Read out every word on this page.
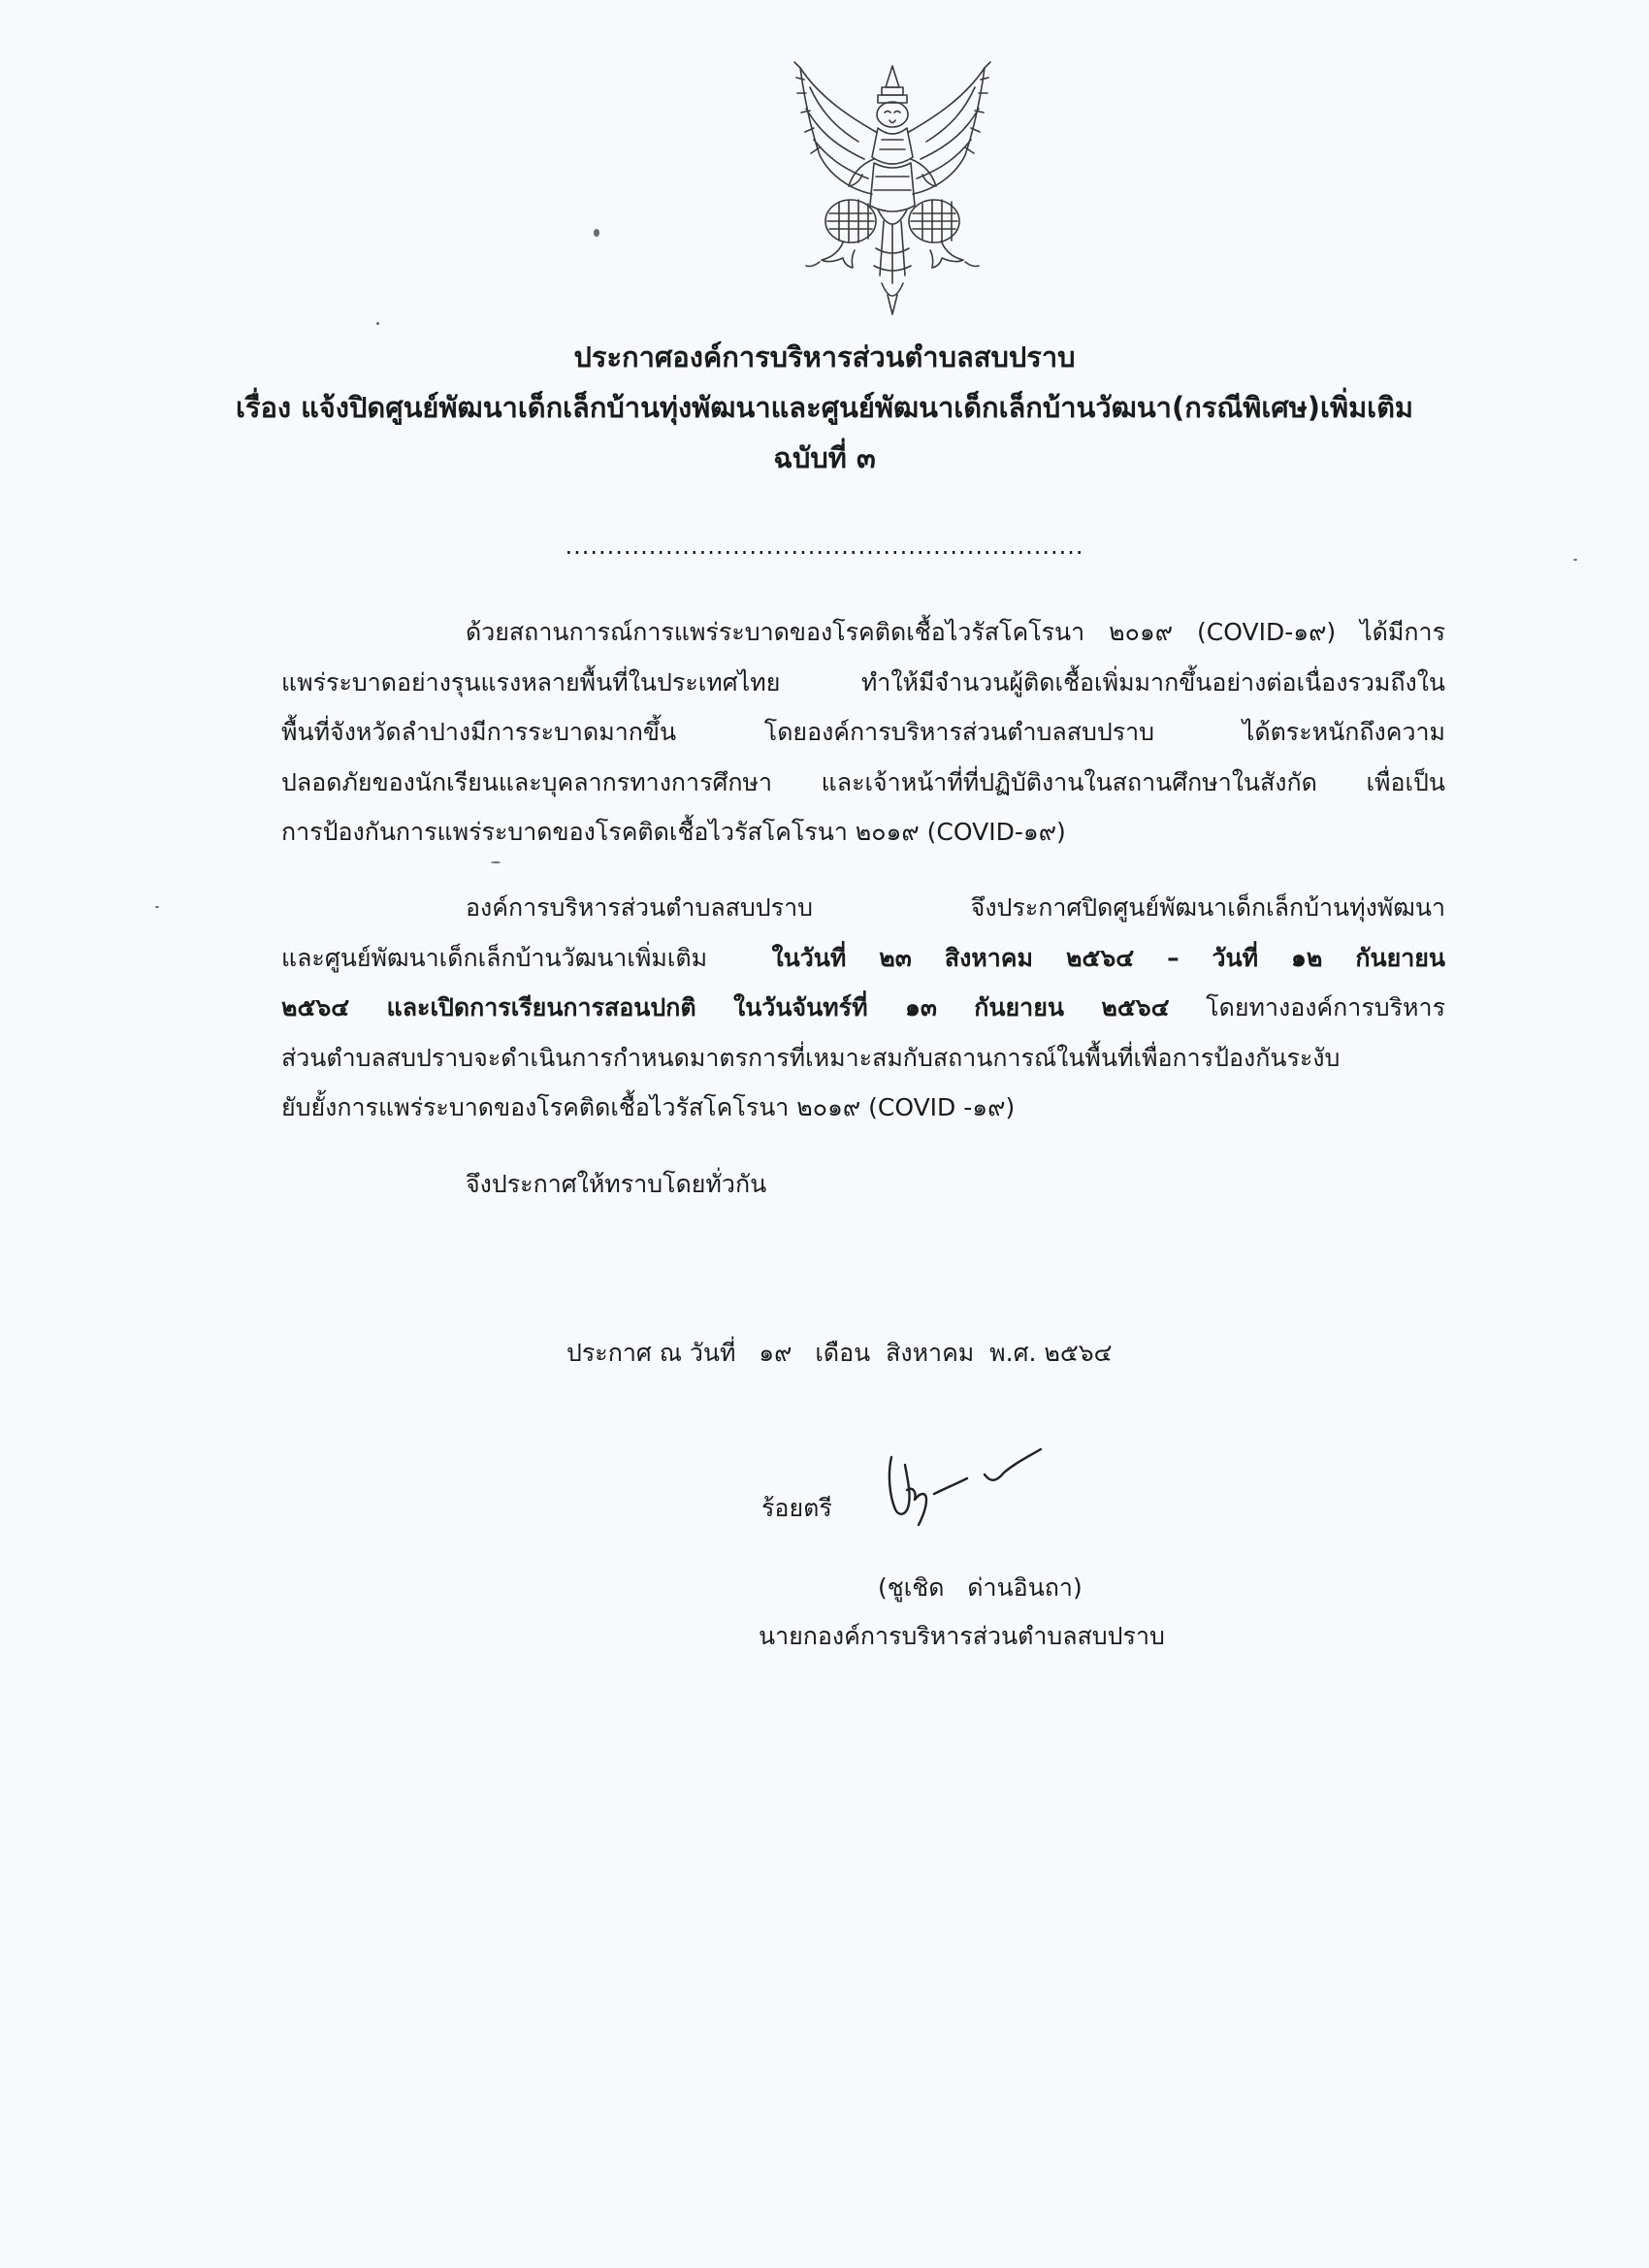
ประกาศองค์การบริหารส่วนตำบลสบปราบ
เรื่อง แจ้งปิดศูนย์พัฒนาเด็กเล็กบ้านทุ่งพัฒนาและศูนย์พัฒนาเด็กเล็กบ้านวัฒนา(กรณีพิเศษ)เพิ่มเติม
ฉบับที่ ๓
..............................................................
ด้วยสถานการณ์การแพร่ระบาดของโรคติดเชื้อไวรัสโคโรนา ๒๐๑๙ (COVID-๑๙) ได้มีการ
แพร่ระบาดอย่างรุนแรงหลายพื้นที่ในประเทศไทย ทำให้มีจำนวนผู้ติดเชื้อเพิ่มมากขึ้นอย่างต่อเนื่องรวมถึงใน
พื้นที่จังหวัดลำปางมีการระบาดมากขึ้น โดยองค์การบริหารส่วนตำบลสบปราบ ได้ตระหนักถึงความ
ปลอดภัยของนักเรียนและบุคลากรทางการศึกษา และเจ้าหน้าที่ที่ปฏิบัติงานในสถานศึกษาในสังกัด เพื่อเป็น
การป้องกันการแพร่ระบาดของโรคติดเชื้อไวรัสโคโรนา ๒๐๑๙ (COVID-๑๙)
องค์การบริหารส่วนตำบลสบปราบ จึงประกาศปิดศูนย์พัฒนาเด็กเล็กบ้านทุ่งพัฒนา
และศูนย์พัฒนาเด็กเล็กบ้านวัฒนาเพิ่มเติม	ในวันที่ ๒๓ สิงหาคม ๒๕๖๔ – วันที่ ๑๒ กันยายน
๒๕๖๔ และเปิดการเรียนการสอนปกติ ในวันจันทร์ที่ ๑๓ กันยายน ๒๕๖๔ โดยทางองค์การบริหาร
ส่วนตำบลสบปราบจะดำเนินการกำหนดมาตรการที่เหมาะสมกับสถานการณ์ในพื้นที่เพื่อการป้องกันระงับ
ยับยั้งการแพร่ระบาดของโรคติดเชื้อไวรัสโคโรนา ๒๐๑๙ (COVID -๑๙)
จึงประกาศให้ทราบโดยทั่วกัน
ประกาศ ณ วันที่   ๑๙   เดือน  สิงหาคม  พ.ศ. ๒๕๖๔
ร้อยตรี
(ชูเชิด   ด่านอินถา)
นายกองค์การบริหารส่วนตำบลสบปราบ
